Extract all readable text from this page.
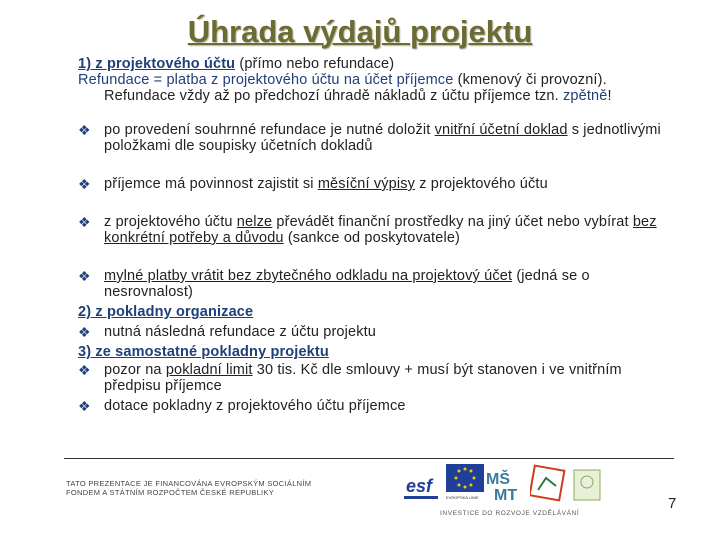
Úhrada výdajů projektu

1) z projektového účtu (přímo nebo refundace)

Refundace = platba z projektového účtu na účet příjemce (kmenový či provozní). Refundace vždy až po předchozí úhradě nákladů z účtu příjemce tzn. zpětně!

❖ po provedení souhrnné refundace je nutné doložit vnitřní účetní doklad s jednotlivými položkami dle soupisky účetních dokladů

❖ příjemce má povinnost zajistit si měsíční výpisy z projektového účtu

❖ z projektového účtu nelze převádět finanční prostředky na jiný účet nebo vybírat bez konkrétní potřeby a důvodu (sankce od poskytovatele)

❖ mylné platby vrátit bez zbytečného odkladu na projektový účet (jedná se o nesrovnalost)

2) z pokladny organizace

❖ nutná následná refundace z účtu projektu

3) ze samostatné pokladny projektu

❖ pozor na pokladní limit 30 tis. Kč dle smlouvy + musí být stanoven i ve vnitřním předpisu příjemce

❖ dotace pokladny z projektového účtu příjemce

TATO PREZENTACE JE FINANCOVÁNA EVROPSKÝM SOCIÁLNÍM FONDEM A STÁTNÍM ROZPOČTEM ČESKÉ REPUBLIKY	esf
EVROPSKÁ UNIE
MŠ
MT
INVESTICE DO ROZVOJE VZDĚLÁVÁNÍ
7
